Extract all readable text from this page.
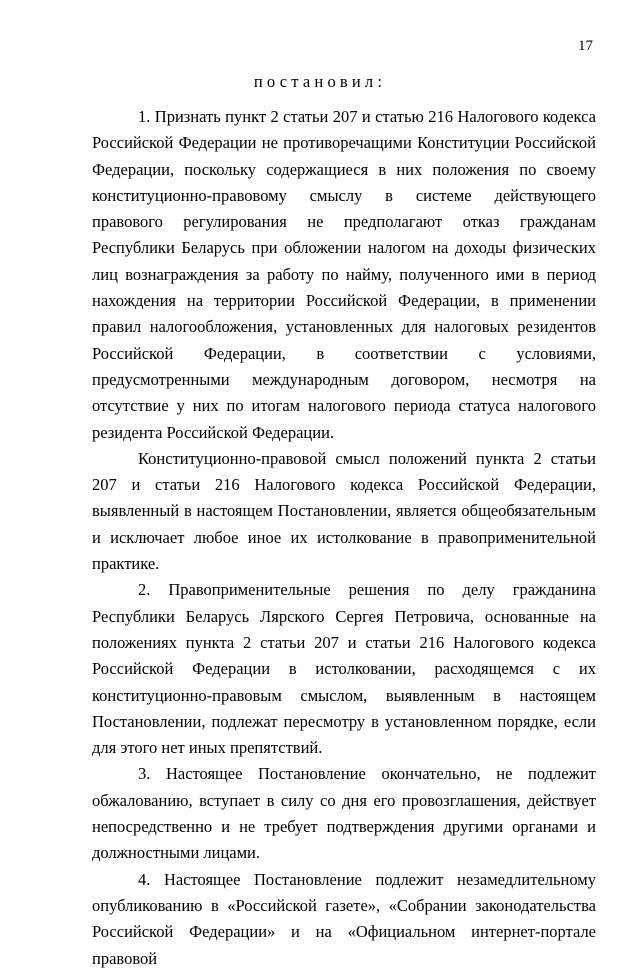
17
постановил:

1. Признать пункт 2 статьи 207 и статью 216 Налогового кодекса Российской Федерации не противоречащими Конституции Российской Федерации, поскольку содержащиеся в них положения по своему конституционно-правовому смыслу в системе действующего правового регулирования не предполагают отказ гражданам Республики Беларусь при обложении налогом на доходы физических лиц вознаграждения за работу по найму, полученного ими в период нахождения на территории Российской Федерации, в применении правил налогообложения, установленных для налоговых резидентов Российской Федерации, в соответствии с условиями, предусмотренными международным договором, несмотря на отсутствие у них по итогам налогового периода статуса налогового резидента Российской Федерации.

Конституционно-правовой смысл положений пункта 2 статьи 207 и статьи 216 Налогового кодекса Российской Федерации, выявленный в настоящем Постановлении, является общеобязательным и исключает любое иное их истолкование в правоприменительной практике.

2. Правоприменительные решения по делу гражданина Республики Беларусь Лярского Сергея Петровича, основанные на положениях пункта 2 статьи 207 и статьи 216 Налогового кодекса Российской Федерации в истолковании, расходящемся с их конституционно-правовым смыслом, выявленным в настоящем Постановлении, подлежат пересмотру в установленном порядке, если для этого нет иных препятствий.

3. Настоящее Постановление окончательно, не подлежит обжалованию, вступает в силу со дня его провозглашения, действует непосредственно и не требует подтверждения другими органами и должностными лицами.

4. Настоящее Постановление подлежит незамедлительному опубликованию в «Российской газете», «Собрании законодательства Российской Федерации» и на «Официальном интернет-портале правовой
